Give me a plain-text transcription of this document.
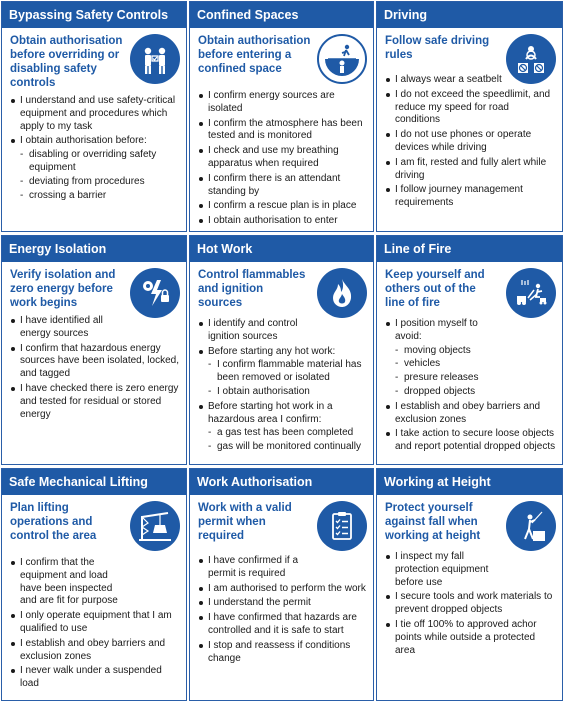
Bypassing Safety Controls
Obtain authorisation before overriding or disabling safety controls
I understand and use safety-critical equipment and procedures which apply to my task
I obtain authorisation before:
- disabling or overriding safety equipment
- deviating from procedures
- crossing a barrier
Confined Spaces
Obtain authorisation before entering a confined space
I confirm energy sources are isolated
I confirm the atmosphere has been tested and is monitored
I check and use my breathing apparatus when required
I confirm there is an attendant standing by
I confirm a rescue plan is in place
I obtain authorisation to enter
Driving
Follow safe driving rules
I always wear a seatbelt
I do not exceed the speedlimit, and reduce my speed for road conditions
I do not use phones or operate devices while driving
I am fit, rested and fully alert while driving
I follow journey management requirements
Energy Isolation
Verify isolation and zero energy before work begins
I have identified all energy sources
I confirm that hazardous energy sources have been isolated, locked, and tagged
I have checked there is zero energy and tested for residual or stored energy
Hot Work
Control flammables and ignition sources
I identify and control ignition sources
Before starting any hot work:
- I confirm flammable material has been removed or isolated
- I obtain authorisation
Before starting hot work in a hazardous area I confirm:
- a gas test has been completed
- gas will be monitored continually
Line of Fire
Keep yourself and others out of the line of fire
I position myself to avoid:
- moving objects
- vehicles
- presure releases
- dropped objects
I establish and obey barriers and exclusion zones
I take action to secure loose objects and report potential dropped objects
Safe Mechanical Lifting
Plan lifting operations and control the area
I confirm that the equipment and load have been inspected and are fit for purpose
I only operate equipment that I am qualified to use
I establish and obey barriers and exclusion zones
I never walk under a suspended load
Work Authorisation
Work with a valid permit when required
I have confirmed if a permit is required
I am authorised to perform the work
I understand the permit
I have confirmed that hazards are controlled and it is safe to start
I stop and reassess if conditions change
Working at Height
Protect yourself against fall when working at height
I inspect my fall protection equipment before use
I secure tools and work materials to prevent dropped objects
I tie off 100% to approved achor points while outside a protected area
